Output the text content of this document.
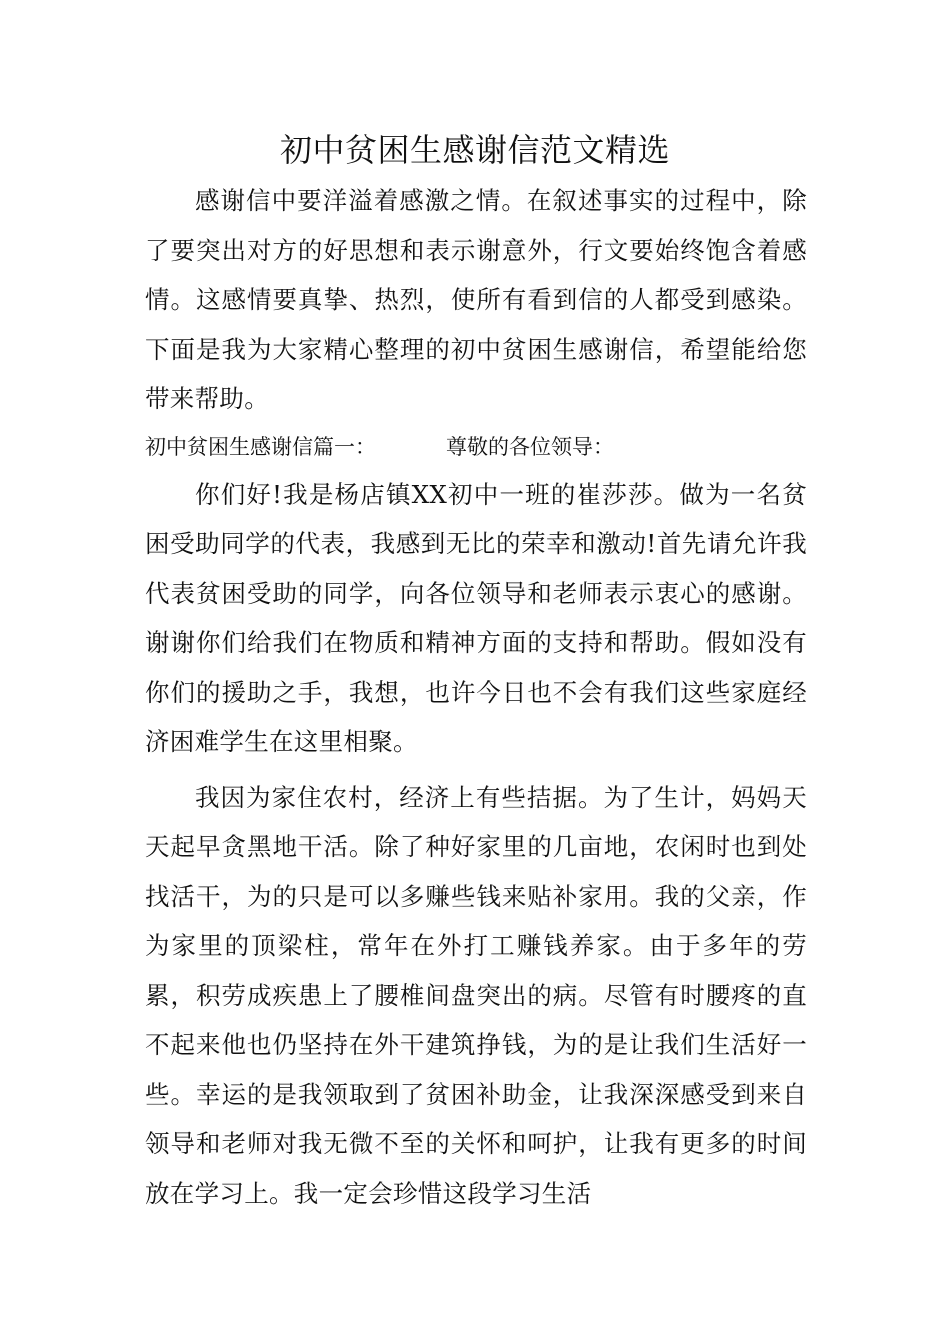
初中贫困生感谢信范文精选

感谢信中要洋溢着感激之情。在叙述事实的过程中，除了要突出对方的好思想和表示谢意外，行文要始终饱含着感情。这感情要真挚、热烈，使所有看到信的人都受到感染。下面是我为大家精心整理的初中贫困生感谢信，希望能给您带来帮助。

初中贫困生感谢信篇一：	尊敬的各位领导：

你们好!我是杨店镇XX初中一班的崔莎莎。做为一名贫困受助同学的代表，我感到无比的荣幸和激动!首先请允许我代表贫困受助的同学，向各位领导和老师表示衷心的感谢。谢谢你们给我们在物质和精神方面的支持和帮助。假如没有你们的援助之手，我想，也许今日也不会有我们这些家庭经济困难学生在这里相聚。

我因为家住农村，经济上有些拮据。为了生计，妈妈天天起早贪黑地干活。除了种好家里的几亩地，农闲时也到处找活干，为的只是可以多赚些钱来贴补家用。我的父亲，作为家里的顶梁柱，常年在外打工赚钱养家。由于多年的劳累，积劳成疾患上了腰椎间盘突出的病。尽管有时腰疼的直不起来他也仍坚持在外干建筑挣钱，为的是让我们生活好一些。幸运的是我领取到了贫困补助金，让我深深感受到来自领导和老师对我无微不至的关怀和呵护，让我有更多的时间放在学习上。我一定会珍惜这段学习生活
